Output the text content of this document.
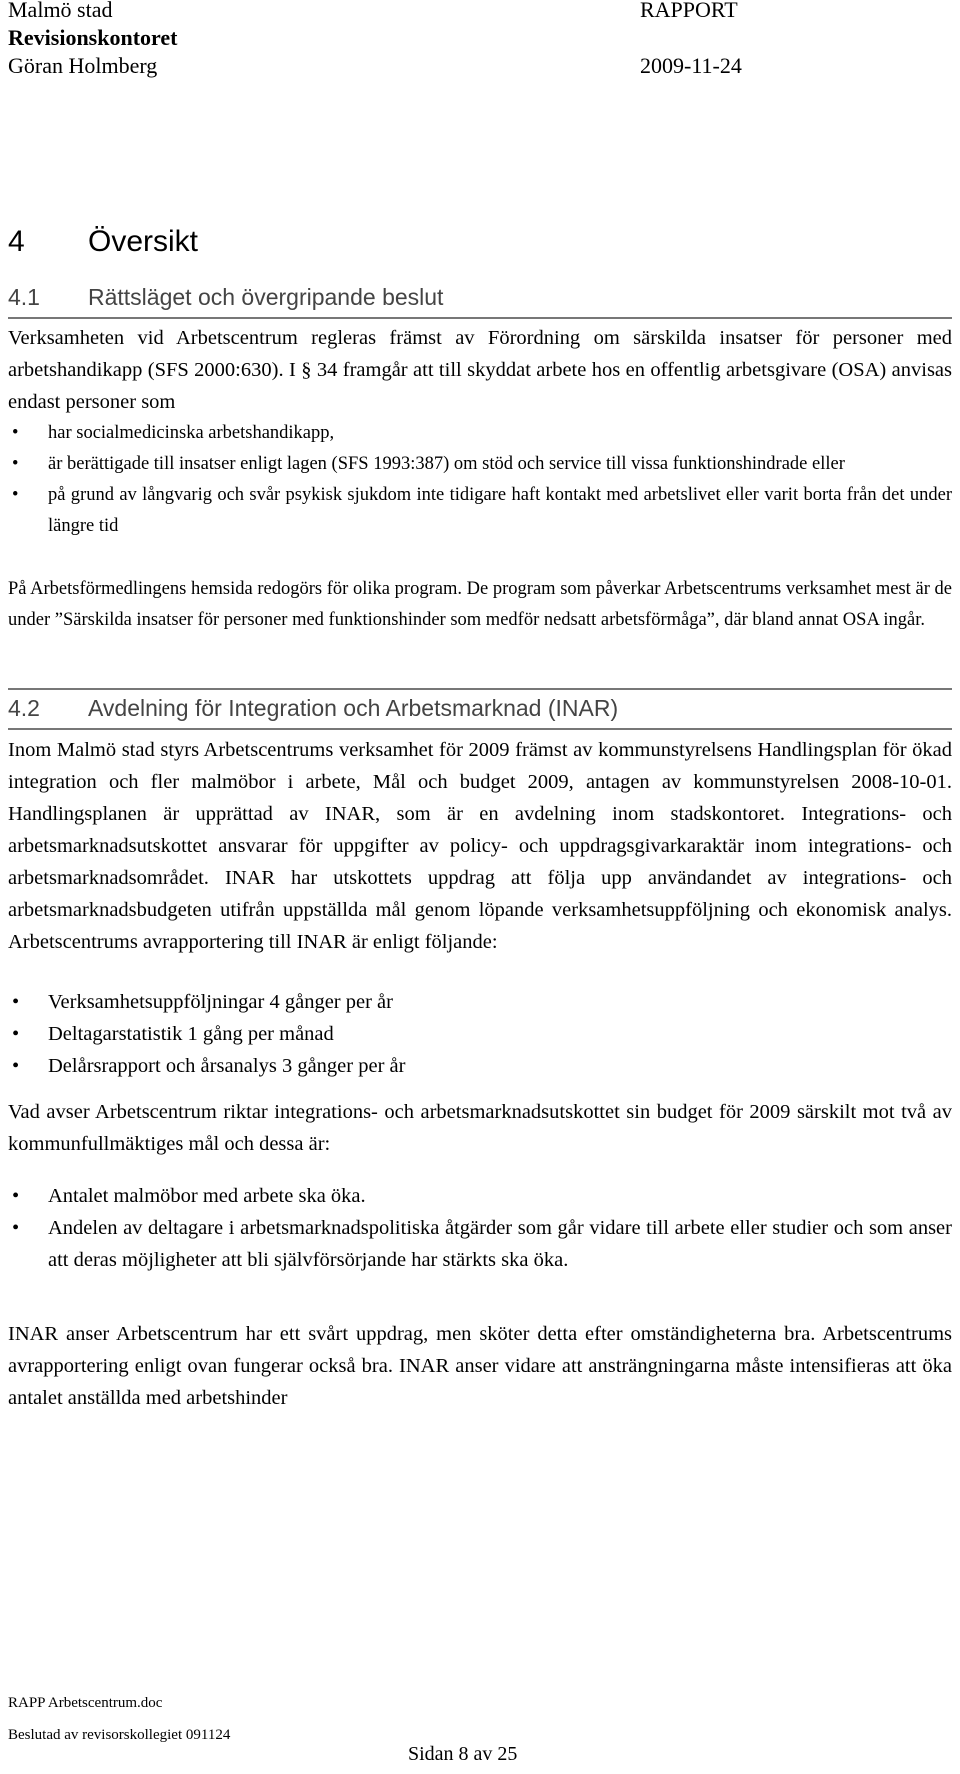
Malmö stad
Revisionskontoret
Göran Holmberg
RAPPORT
2009-11-24
4 Översikt
4.1 Rättsläget och övergripande beslut
Verksamheten vid Arbetscentrum regleras främst av Förordning om särskilda insatser för personer med arbetshandikapp (SFS 2000:630). I § 34 framgår att till skyddat arbete hos en offentlig arbetsgivare (OSA) anvisas endast personer som
• har socialmedicinska arbetshandikapp,
• är berättigade till insatser enligt lagen (SFS 1993:387) om stöd och service till vissa funktionshindrade eller
• på grund av långvarig och svår psykisk sjukdom inte tidigare haft kontakt med arbetslivet eller varit borta från det under längre tid
På Arbetsförmedlingens hemsida redogörs för olika program. De program som påverkar Arbetscentrums verksamhet mest är de under ”Särskilda insatser för personer med funktionshinder som medför nedsatt arbetsförmåga”, där bland annat OSA ingår.
4.2 Avdelning för Integration och Arbetsmarknad (INAR)
Inom Malmö stad styrs Arbetscentrums verksamhet för 2009 främst av kommunstyrelsens Handlingsplan för ökad integration och fler malmöbor i arbete, Mål och budget 2009, antagen av kommunstyrelsen 2008-10-01. Handlingsplanen är upprättad av INAR, som är en avdelning inom stadskontoret. Integrations- och arbetsmarknadsutskottet ansvarar för uppgifter av policy- och uppdragsgivarkaraktär inom integrations- och arbetsmarknadsområdet. INAR har utskottets uppdrag att följa upp användandet av integrations- och arbetsmarknadsbudgeten utifrån uppställda mål genom löpande verksamhetsuppföljning och ekonomisk analys. Arbetscentrums avrapportering till INAR är enligt följande:
• Verksamhetsuppföljningar 4 gånger per år
• Deltagarstatistik 1 gång per månad
• Delårsrapport och årsanalys 3 gånger per år
Vad avser Arbetscentrum riktar integrations- och arbetsmarknadsutskottet sin budget för 2009 särskilt mot två av kommunfullmäktiges mål och dessa är:
• Antalet malmöbor med arbete ska öka.
• Andelen av deltagare i arbetsmarknadspolitiska åtgärder som går vidare till arbete eller studier och som anser att deras möjligheter att bli självförsörjande har stärkts ska öka.
INAR anser Arbetscentrum har ett svårt uppdrag, men sköter detta efter omständigheterna bra. Arbetscentrums avrapportering enligt ovan fungerar också bra. INAR anser vidare att ansträngningarna måste intensifieras att öka antalet anställda med arbetshinder
RAPP Arbetscentrum.doc
Beslutad av revisorskollegiet 091124
Sidan 8 av 25
